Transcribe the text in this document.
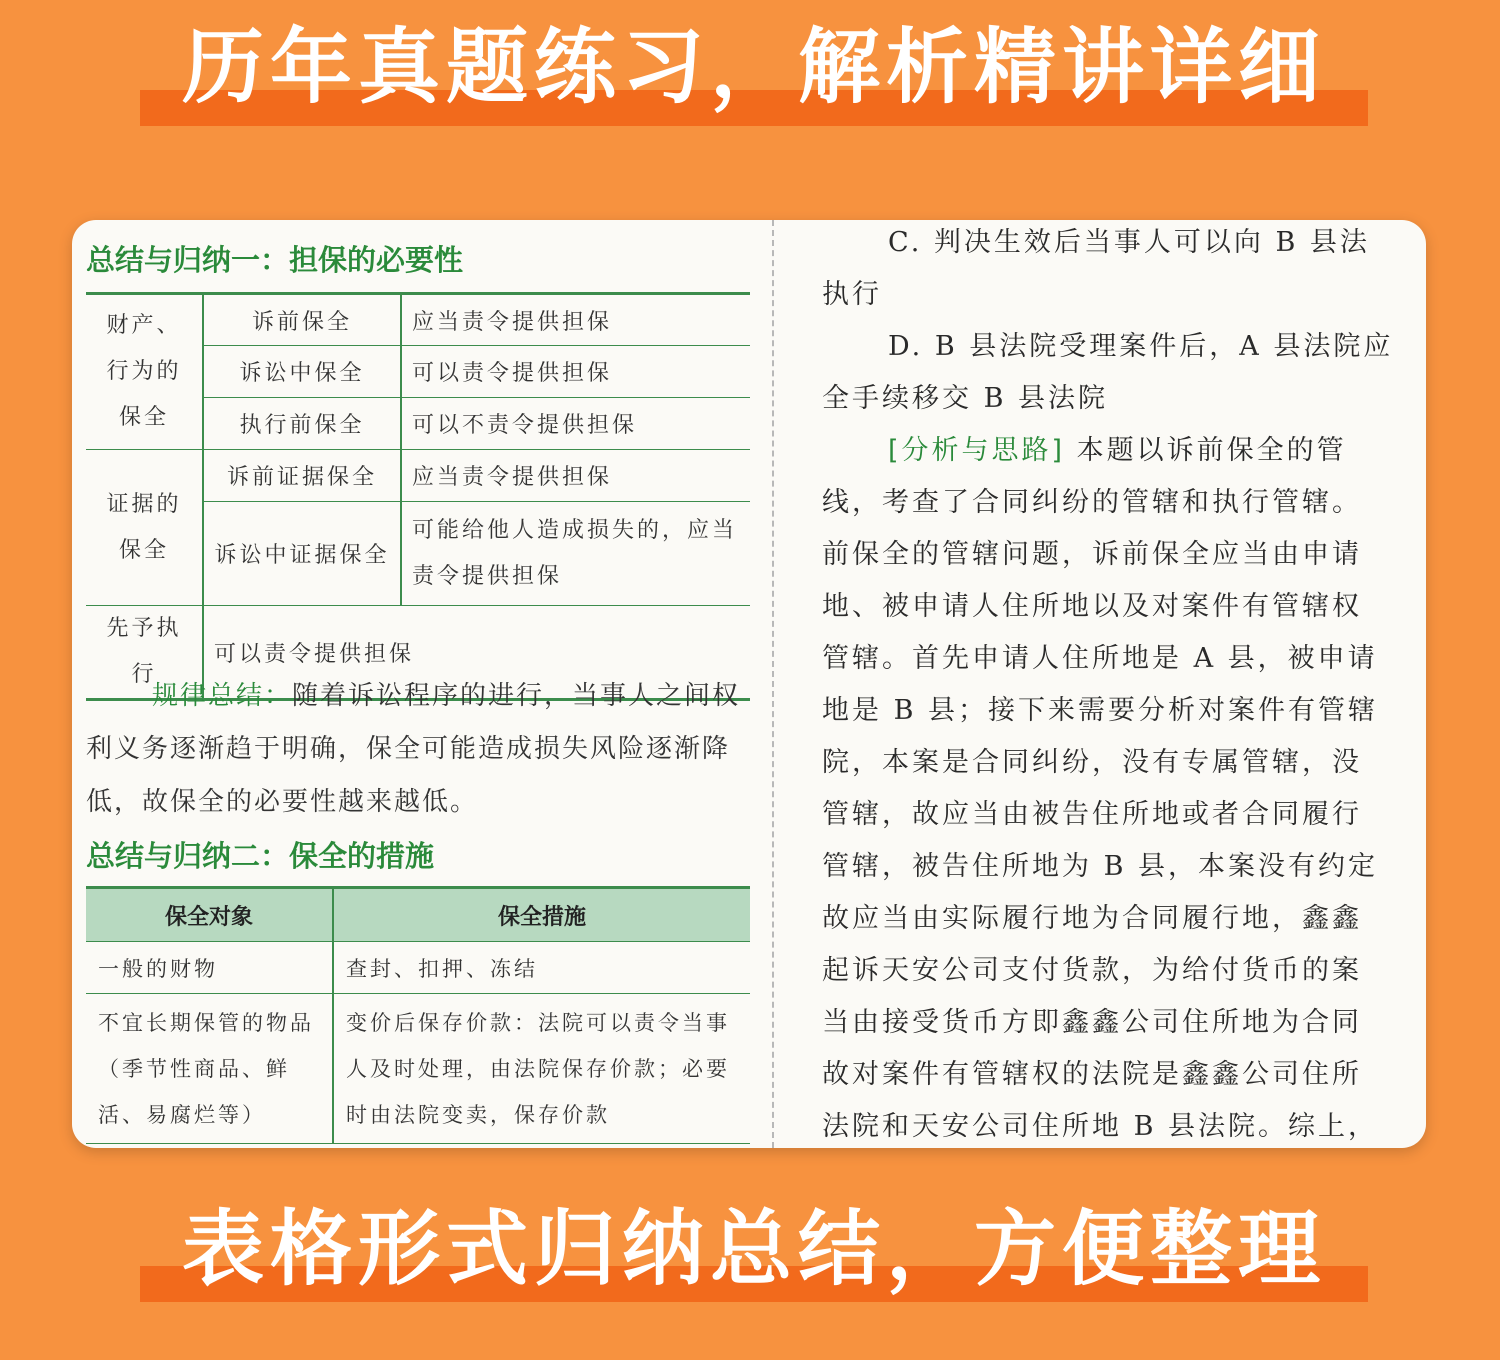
历年真题练习，解析精讲详细
总结与归纳一：担保的必要性
财产、行为的保全	诉前保全	应当责令提供担保
	诉讼中保全	可以责令提供担保
	执行前保全	可以不责令提供担保
证据的保全	诉前证据保全	应当责令提供担保
	诉讼中证据保全	可能给他人造成损失的，应当责令提供担保
先予执行	可以责令提供担保	
规律总结：随着诉讼程序的进行，当事人之间权利义务逐渐趋于明确，保全可能造成损失风险逐渐降低，故保全的必要性越来越低。
总结与归纳二：保全的措施
保全对象	保全措施
一般的财物	查封、扣押、冻结
不宜长期保管的物品（季节性商品、鲜活、易腐烂等）	变价后保存价款：法院可以责令当事人及时处理，由法院保存价款；必要时由法院变卖，保存价款
C. 判决生效后当事人可以向 B 县法
执行
D. B 县法院受理案件后，A 县法院应
全手续移交 B 县法院
[分析与思路] 本题以诉前保全的管
线，考查了合同纠纷的管辖和执行管辖。
前保全的管辖问题，诉前保全应当由申请
地、被申请人住所地以及对案件有管辖权
管辖。首先申请人住所地是 A 县，被申请
地是 B 县；接下来需要分析对案件有管辖
院，本案是合同纠纷，没有专属管辖，没
管辖，故应当由被告住所地或者合同履行
管辖，被告住所地为 B 县，本案没有约定
故应当由实际履行地为合同履行地，鑫鑫
起诉天安公司支付货款，为给付货币的案
当由接受货币方即鑫鑫公司住所地为合同
故对案件有管辖权的法院是鑫鑫公司住所
法院和天安公司住所地 B 县法院。综上，
表格形式归纳总结，方便整理
